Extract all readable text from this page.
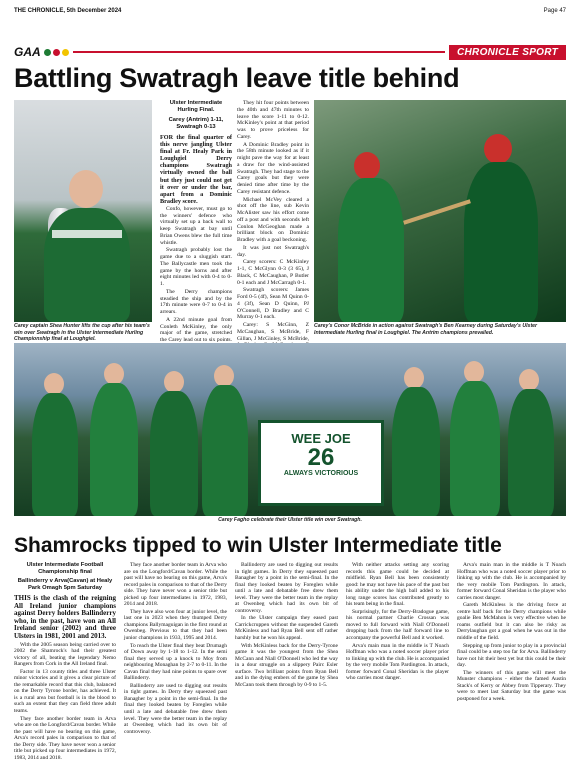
THE CHRONICLE, 5th December 2024	Page 47
GAA	CHRONICLE SPORT
Battling Swatragh leave title behind
Carey captain Shea Hunter lifts the cup after his team's win over Swatragh in the Ulster Intermediate Hurling Championship final at Loughgiel.
Ulster Intermediate Hurling Final.
Carey (Antrim) 1-11, Swatragh 0-13

FOR the final quarter of this nerve jangling Ulster final at Fr. Healy Park in Loughgiel Derry champions Swatragh virtually owned the ball but they just could not get it over or under the bar, apart from a Dominic Bradley score.

Confo, however, must go to the winners' defence who virtually set up a back wall to keep Swatragh at bay until Brian Owens blew the full time whistle.

Swatragh probably lost the game due to a sluggish start. The Ballycastle men took the game by the horns and after eight minutes led with 0-4 to 0-1.

The Derry champions steadied the ship and by the 17th minute were 0-7 to 0-4 in arrears.

A 22nd minute goal from Conleth McKinley, the only major of the game, stretched the Carey lead out to six points.

They hit four points between the 40th and 47th minutes to leave the score 1-11 to 0-12. McKinley's point at that period was to prove priceless for Carey.

A Dominic Bradley point in the 58th minute looked as if it might pave the way for at least a draw for the wind-assisted Swatragh. They had stage to the Carey goals but they were denied time after time by the Carey resistant defence.

Michael McVey cleared a shot off the line, sub Kevin McAlister saw his effort come off a post and with seconds left Conlon McGeoghan made a brilliant block on Dominic Bradley with a goal beckoning.

It was just not Swatragh's day.

Carey scorers: C McKinley 1-1, C McGlynn 0-3 (3 65), J Black, C McCaughan, P Butler 0-1 each and J McCarragh 0-1.

Swatragh scorers: James Ford 0-5 (4f), Sean M Quinn 0-4 (3f), Sean D Quinn, PJ O'Connell, D Bradley and C Murray 0-1 each.

Carey: S McGinn, Z McCaughan, S McBride, F Gillan, J McGinley, S McBride,

Carey's Conor McBride in action against Swatragh's Ben Kearney during Saturday's Ulster Intermediate Hurling final in Loughgiel. The Antrim champions prevailed.
WEE JOE
26
ALWAYS VICTORIOUS
Carey Fagho celebrate their Ulster title win over Swatragh.
Shamrocks tipped to win Ulster Intermediate title
Ulster Intermediate Football Championship final
Ballinderry v Arva(Cavan) at Healy Park Omagh 5pm Saturday

THIS is the clash of the reigning All Ireland junior champions against Derry holders Ballinderry who, in the past, have won an All Ireland senior (2002) and three Ulsters in 1981, 2001 and 2013.

With the 2005 season being carried over to 2002 the Shamrock's had their greatest victory of all, beating the legendary Nemo Rangers from Cork in the All Ireland final.

Factor in 13 county titles and three Ulster minor victories and it gives a clear picture of the remarkable record that this club, balanced on the Derry Tyrone border, has achieved. It is a rural area but football is in the blood to such an extent that they can field three adult teams.

They face another border team in Arva who are on the Longford/Cavan border. While the past will have no bearing on this game, Arva's record pales in comparison to that of the Derry side. They have never won a senior title but picked up four intermediates in 1972, 1983, 2014 and 2018.

They face another border team in Arva who are on the Longford/Cavan border. While the past will have no bearing on this game, Arva's record pales in comparison to that of the Derry side. They have never won a senior title but picked up four intermediates in 1972, 1983, 2014 and 2018.

They have also won four at junior level, the last one in 2023 when they thumped Derry champions Ballymaguigan in the first round at Owenbeg. Previous to that they had been junior champions in 1933, 1995 and 2014.

To reach the Ulster final they beat Drumagh of Down away by 1-18 to 1-12. In the semi final they served up a knock to Moy from neighbouring Monaghan by 2-7 to 0-11. In the Cavan final they had nine points to spare over Ballinderry.

Ballinderry are used to digging out results in tight games. In Derry they squeezed past Banagher by a point in the semi-final. In the final they looked beaten by Foreglen while until a late and debatable free drew them level. They were the better team in the replay at Owenbeg which had its own bit of controversy.

Ballinderry are used to digging out results in tight games. In Derry they squeezed past Banagher by a point in the semi-final. In the final they looked beaten by Foreglen while until a late and debatable free drew them level. They were the better team in the replay at Owenbeg which had its own bit of controversy.

In the Ulster campaign they eased past Carrickcruppen without the suspended Gareth McKinless and had Ryan Bell sent off rather harshly but he won his appeal.

With McKinless back for the Derry-Tyrone game it was the youngest from the Shea McCann and Niall O'Donnell who led the way in a dour struggle on a slippery Pairc Esler surface. Two brilliant points from Ryan Bell and in the dying embers of the game by Shea McCann took them through by 0-9 to 1-5.

With neither attacks setting any scoring records this game could be decided at midfield. Ryan Bell has been consistently good: he may not have his pace of the past but his ability under the high ball added to his long range scores has contributed greatly to his team being in the final.

Surprisingly, for the Derry-Bradogue game, his normal partner Charlie Crossan was moved to full forward with Niall O'Donnell dropping back from the half forward line to accompany the powerful Bell and it worked.

Arva's main man in the middle is T Noach Hoffman who was a noted soccer player prior to linking up with the club. He is accompanied by the very mobile Tom Pardington. In attack, former forward Conal Sheridan is the player who carries most danger.

Arva's main man in the middle is T Noach Hoffman who was a noted soccer player prior to linking up with the club. He is accompanied by the very mobile Tom Pardington. In attack, former forward Conal Sheridan is the player who carries most danger.

Gareth McKinless is the driving force at centre half back for the Derry champions while goalie Ben McMahon is very effective when he roams outfield but it can also be risky as Derrylaughan got a goal when he was out in the middle of the field.

Stepping up from junior to play in a provincial final could be a step too far for Arva. Ballinderry have not hit their best yet but this could be their day.

The winners of this game will meet the Munster champions - either the famed Austin Stack's of Kerry or Abbey from Tipperary. They were to meet last Saturday but the game was postponed for a week.
